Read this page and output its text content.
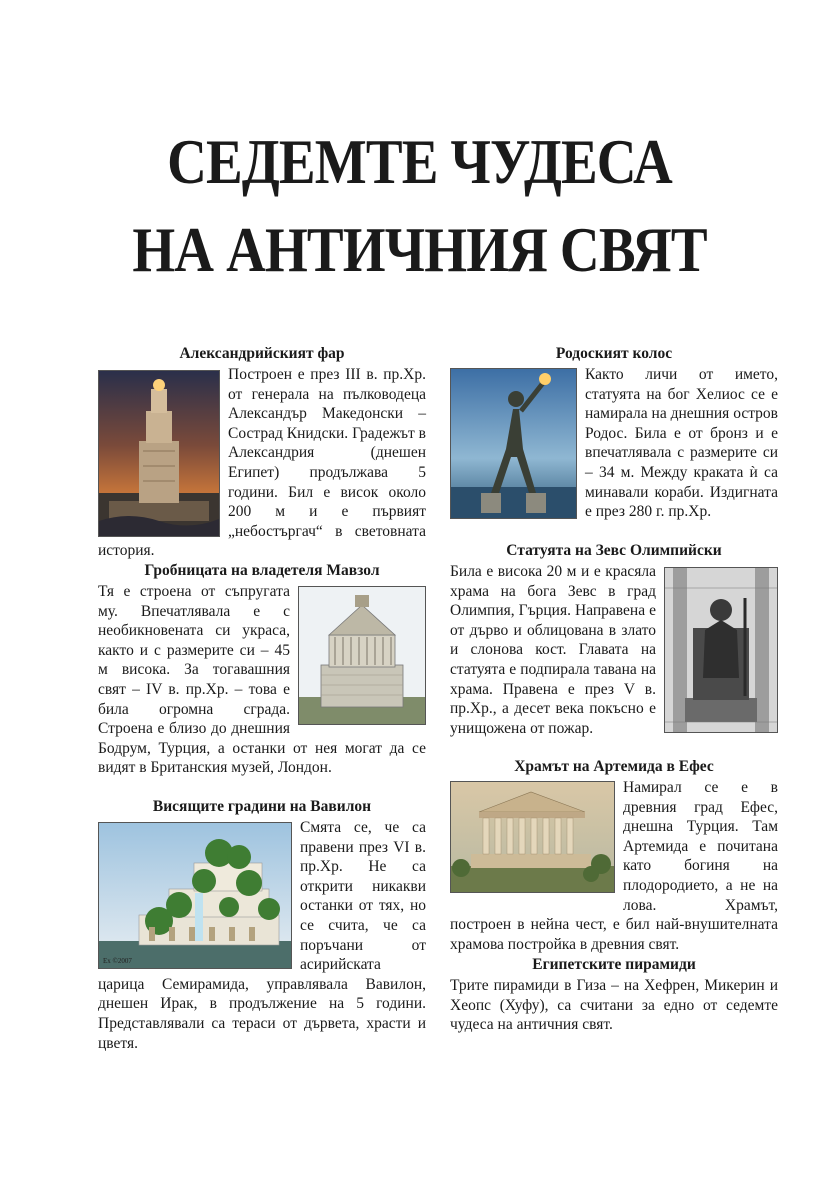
СЕДЕМТЕ ЧУДЕСА
НА АНТИЧНИЯ СВЯТ
Александрийският фар

Построен е през III в. пр.Хр. от генерала на пълководеца Александър Македонски – Сострад Книдски. Градежът в Александрия (днешен Египет) продължава 5 години. Бил е висок около 200 м и е първият „небостъргач“ в световната история.

Гробницата на владетеля Мавзол

Тя е строена от съпругата му. Впечатлявала е с необикновената си украса, както и с размерите си – 45 м висока. За тогавашния свят – IV в. пр.Хр. – това е била огромна сграда. Строена е близо до днешния Бодрум, Турция, а останки от нея могат да се видят в Британския музей, Лондон.

Висящите градини на Вавилон
Ex ©2007

Смята се, че са правени през VI в. пр.Хр. Не са открити никакви останки от тях, но се счита, че са поръчани от асирийската царица Семирамида, управлявала Вавилон, днешен Ирак, в продължение на 5 години. Представлявали са тераси от дървета, храсти и цветя.

Родоският колос

Както личи от името, статуята на бог Хелиос се е намирала на днешния остров Родос. Била е от бронз и е впечатлявала с размерите си – 34 м. Между краката ѝ са минавали кораби. Издигната е през 280 г. пр.Хр.

Статуята на Зевс Олимпийски

Била е висока 20 м и е красяла храма на бога Зевс в град Олимпия, Гърция. Направена е от дърво и облицована в злато и слонова кост. Главата на статуята е подпирала тавана на храма. Правена е през V в. пр.Хр., а десет века покъсно е унищожена от пожар.

Храмът на Артемида в Ефес

Намирал се е в древния град Ефес, днешна Турция. Там Артемида е почитана като богиня на плодородието, а не на лова. Храмът, построен в нейна чест, е бил най-внушителната храмова постройка в древния свят.

Египетските пирамиди

Трите пирамиди в Гиза – на Хефрен, Микерин и Хеопс (Хуфу), са считани за едно от седемте чудеса на античния свят.
